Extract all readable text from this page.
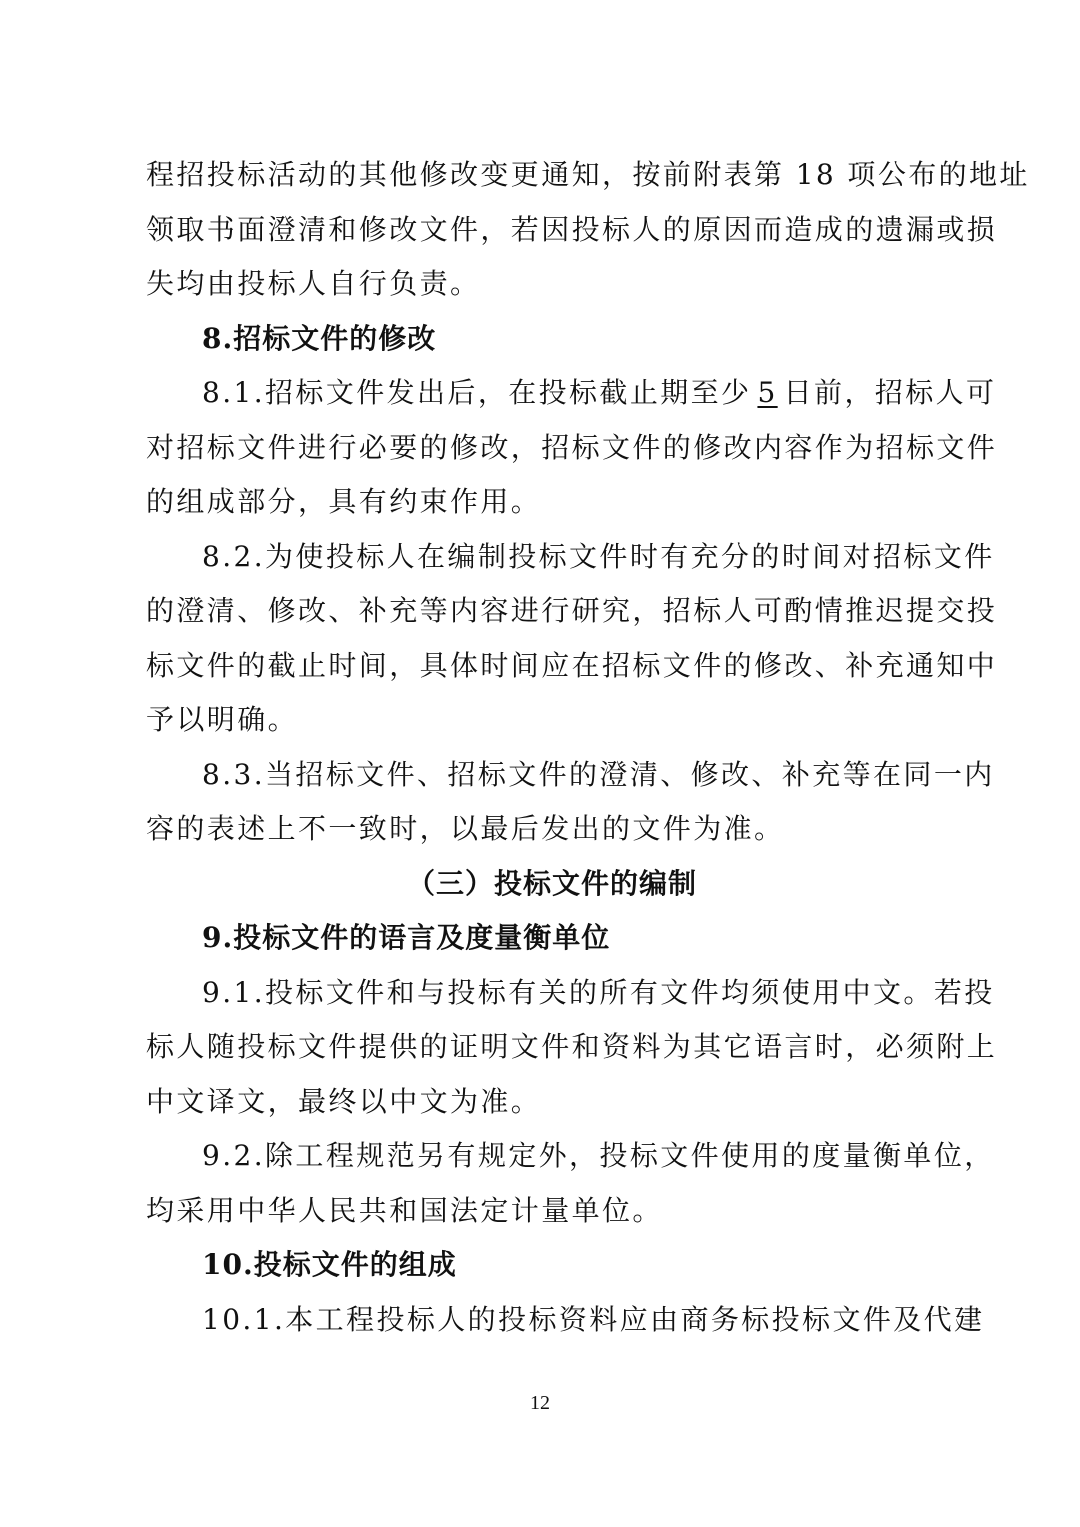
程招投标活动的其他修改变更通知，按前附表第 18 项公布的地址
领取书面澄清和修改文件，若因投标人的原因而造成的遗漏或损
失均由投标人自行负责。
8.招标文件的修改
8.1.招标文件发出后，在投标截止期至少 5 日前，招标人可
对招标文件进行必要的修改，招标文件的修改内容作为招标文件
的组成部分，具有约束作用。
8.2.为使投标人在编制投标文件时有充分的时间对招标文件
的澄清、修改、补充等内容进行研究，招标人可酌情推迟提交投
标文件的截止时间，具体时间应在招标文件的修改、补充通知中
予以明确。
8.3.当招标文件、招标文件的澄清、修改、补充等在同一内
容的表述上不一致时，以最后发出的文件为准。
（三）投标文件的编制
9.投标文件的语言及度量衡单位
9.1.投标文件和与投标有关的所有文件均须使用中文。若投
标人随投标文件提供的证明文件和资料为其它语言时，必须附上
中文译文，最终以中文为准。
9.2.除工程规范另有规定外，投标文件使用的度量衡单位，
均采用中华人民共和国法定计量单位。
10.投标文件的组成
10.1.本工程投标人的投标资料应由商务标投标文件及代建
12
